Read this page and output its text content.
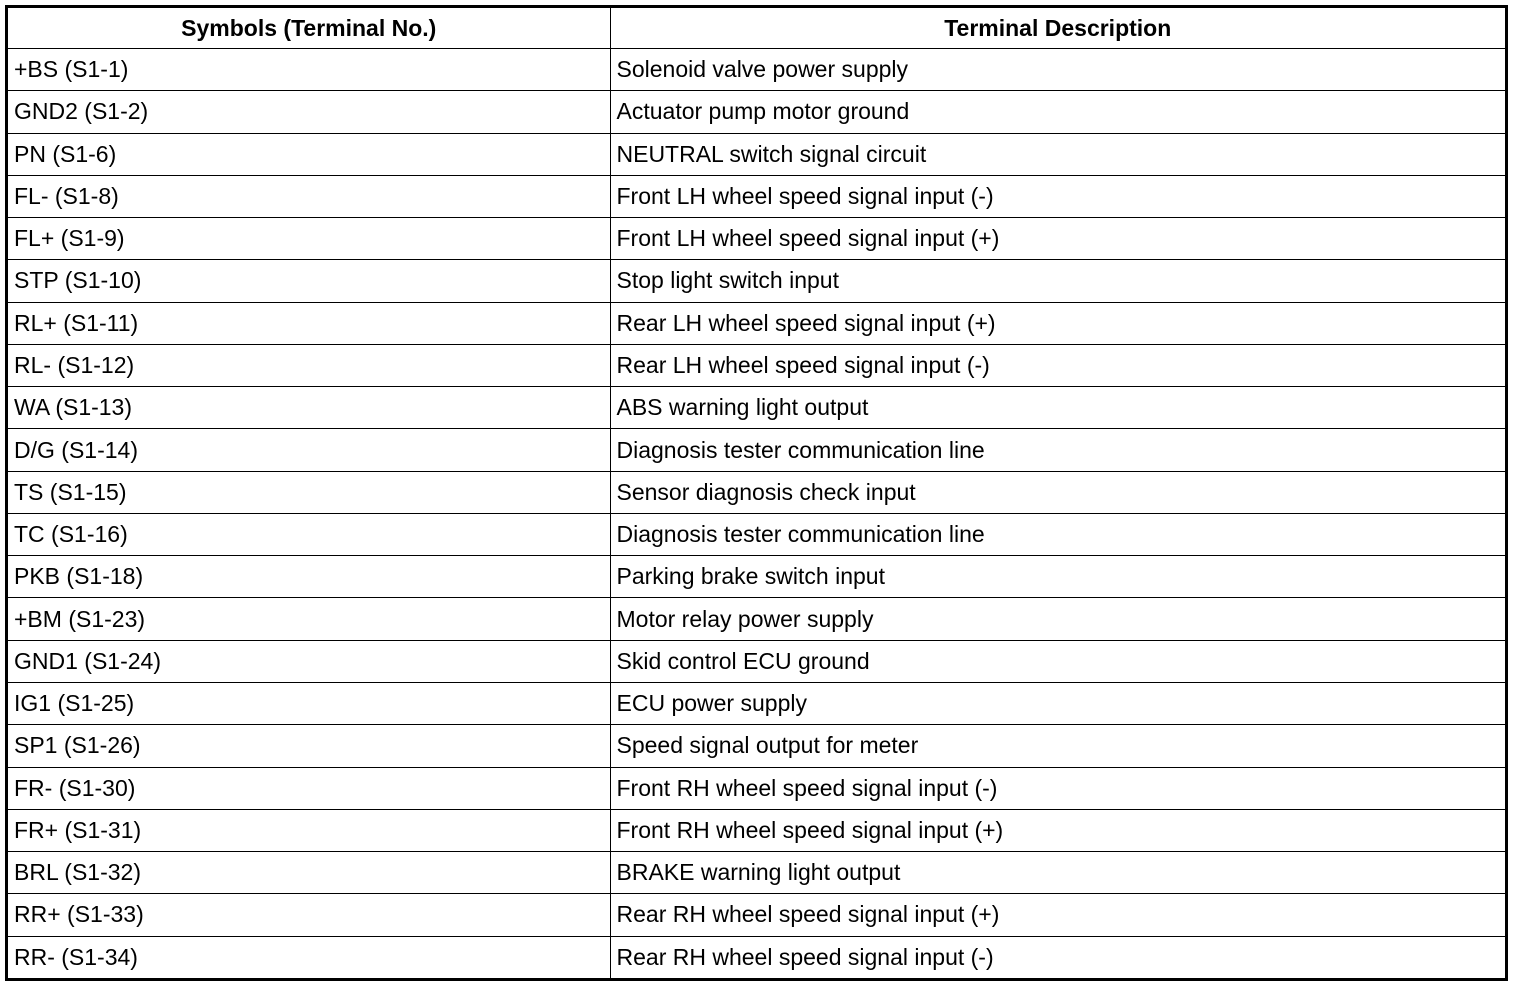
Symbols (Terminal No.)	Terminal Description
+BS (S1-1)	Solenoid valve power supply
GND2 (S1-2)	Actuator pump motor ground
PN (S1-6)	NEUTRAL switch signal circuit
FL- (S1-8)	Front LH wheel speed signal input (-)
FL+ (S1-9)	Front LH wheel speed signal input (+)
STP (S1-10)	Stop light switch input
RL+ (S1-11)	Rear LH wheel speed signal input (+)
RL- (S1-12)	Rear LH wheel speed signal input (-)
WA (S1-13)	ABS warning light output
D/G (S1-14)	Diagnosis tester communication line
TS (S1-15)	Sensor diagnosis check input
TC (S1-16)	Diagnosis tester communication line
PKB (S1-18)	Parking brake switch input
+BM (S1-23)	Motor relay power supply
GND1 (S1-24)	Skid control ECU ground
IG1 (S1-25)	ECU power supply
SP1 (S1-26)	Speed signal output for meter
FR- (S1-30)	Front RH wheel speed signal input (-)
FR+ (S1-31)	Front RH wheel speed signal input (+)
BRL (S1-32)	BRAKE warning light output
RR+ (S1-33)	Rear RH wheel speed signal input (+)
RR- (S1-34)	Rear RH wheel speed signal input (-)
